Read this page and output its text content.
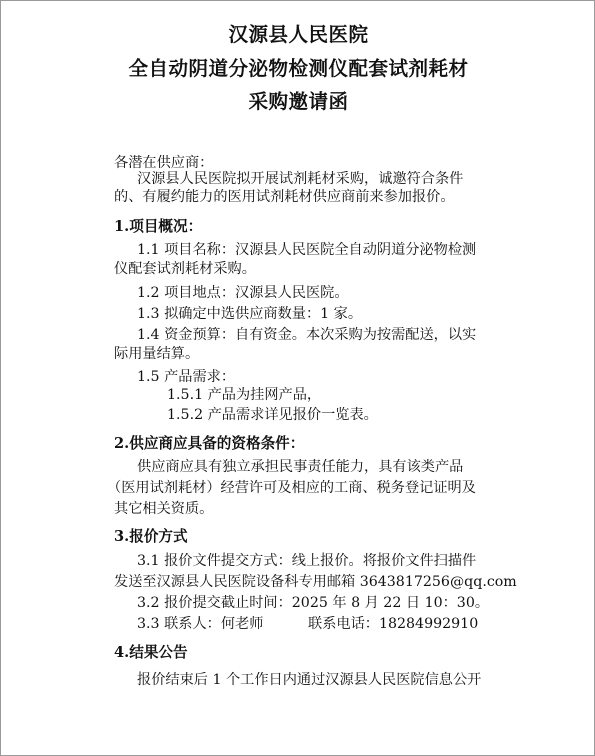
汉源县人民医院
全自动阴道分泌物检测仪配套试剂耗材
采购邀请函
各潜在供应商：
汉源县人民医院拟开展试剂耗材采购，诚邀符合条件
的、有履约能力的医用试剂耗材供应商前来参加报价。
1.项目概况：
1.1 项目名称：汉源县人民医院全自动阴道分泌物检测
仪配套试剂耗材采购。
1.2 项目地点：汉源县人民医院。
1.3 拟确定中选供应商数量：1 家。
1.4 资金预算：自有资金。本次采购为按需配送，以实
际用量结算。
1.5 产品需求：
1.5.1 产品为挂网产品，
1.5.2 产品需求详见报价一览表。
2.供应商应具备的资格条件：
供应商应具有独立承担民事责任能力，具有该类产品
（医用试剂耗材）经营许可及相应的工商、税务登记证明及
其它相关资质。
3.报价方式
3.1 报价文件提交方式：线上报价。将报价文件扫描件
发送至汉源县人民医院设备科专用邮箱 3643817256@qq.com
3.2 报价提交截止时间：2025 年 8 月 22 日 10：30。
3.3 联系人：何老师	联系电话：18284992910
4.结果公告
报价结束后 1 个工作日内通过汉源县人民医院信息公开
